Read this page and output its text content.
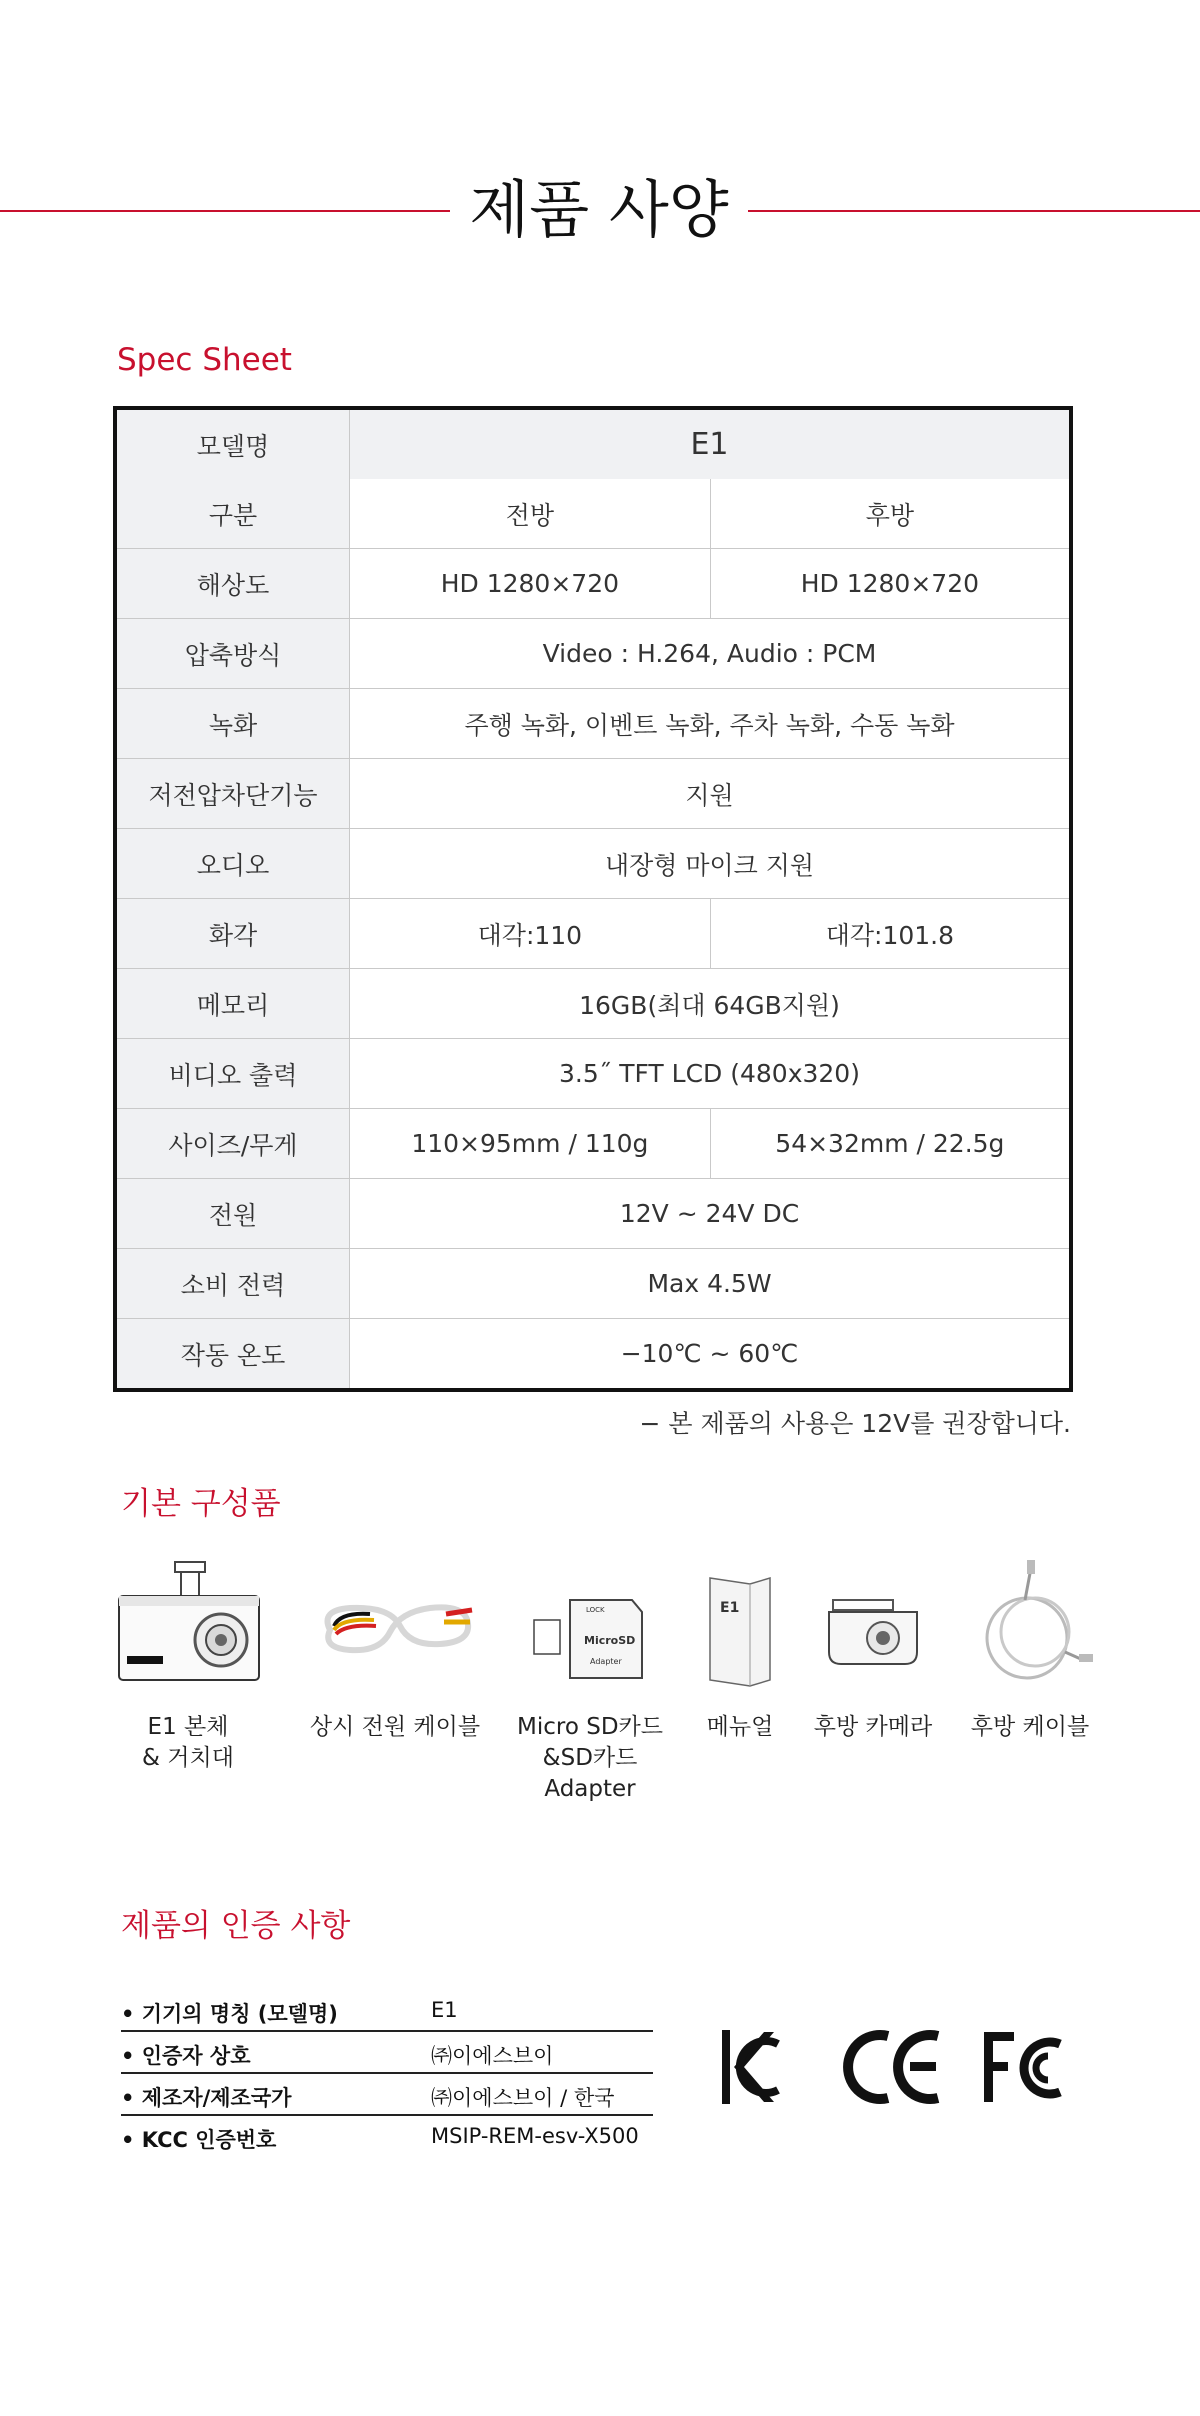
제품 사양
Spec Sheet
모델명	E1	
구분	전방	후방
해상도	HD 1280×720	HD 1280×720
압축방식	Video : H.264, Audio : PCM	
녹화	주행 녹화, 이벤트 녹화, 주차 녹화, 수동 녹화	
저전압차단기능	지원	
오디오	내장형 마이크 지원	
화각	대각:110	대각:101.8
메모리	16GB(최대 64GB지원)	
비디오 출력	3.5˝ TFT LCD (480x320)	
사이즈/무게	110×95mm / 110g	54×32mm / 22.5g
전원	12V ~ 24V DC	
소비 전력	Max 4.5W	
작동 온도	−10℃ ~ 60℃	
− 본 제품의 사용은 12V를 권장합니다.
기본 구성품
E1 본체
& 거치대
상시 전원 케이블
LOCK
MicroSD
Adapter
Micro SD카드
&SD카드 Adapter
E1
메뉴얼	후방 카메라	후방 케이블
제품의 인증 사항
• 기기의 명칭 (모델명)	E1
• 인증자 상호	㈜이에스브이
• 제조자/제조국가	㈜이에스브이 / 한국
• KCC 인증번호	MSIP-REM-esv-X500
